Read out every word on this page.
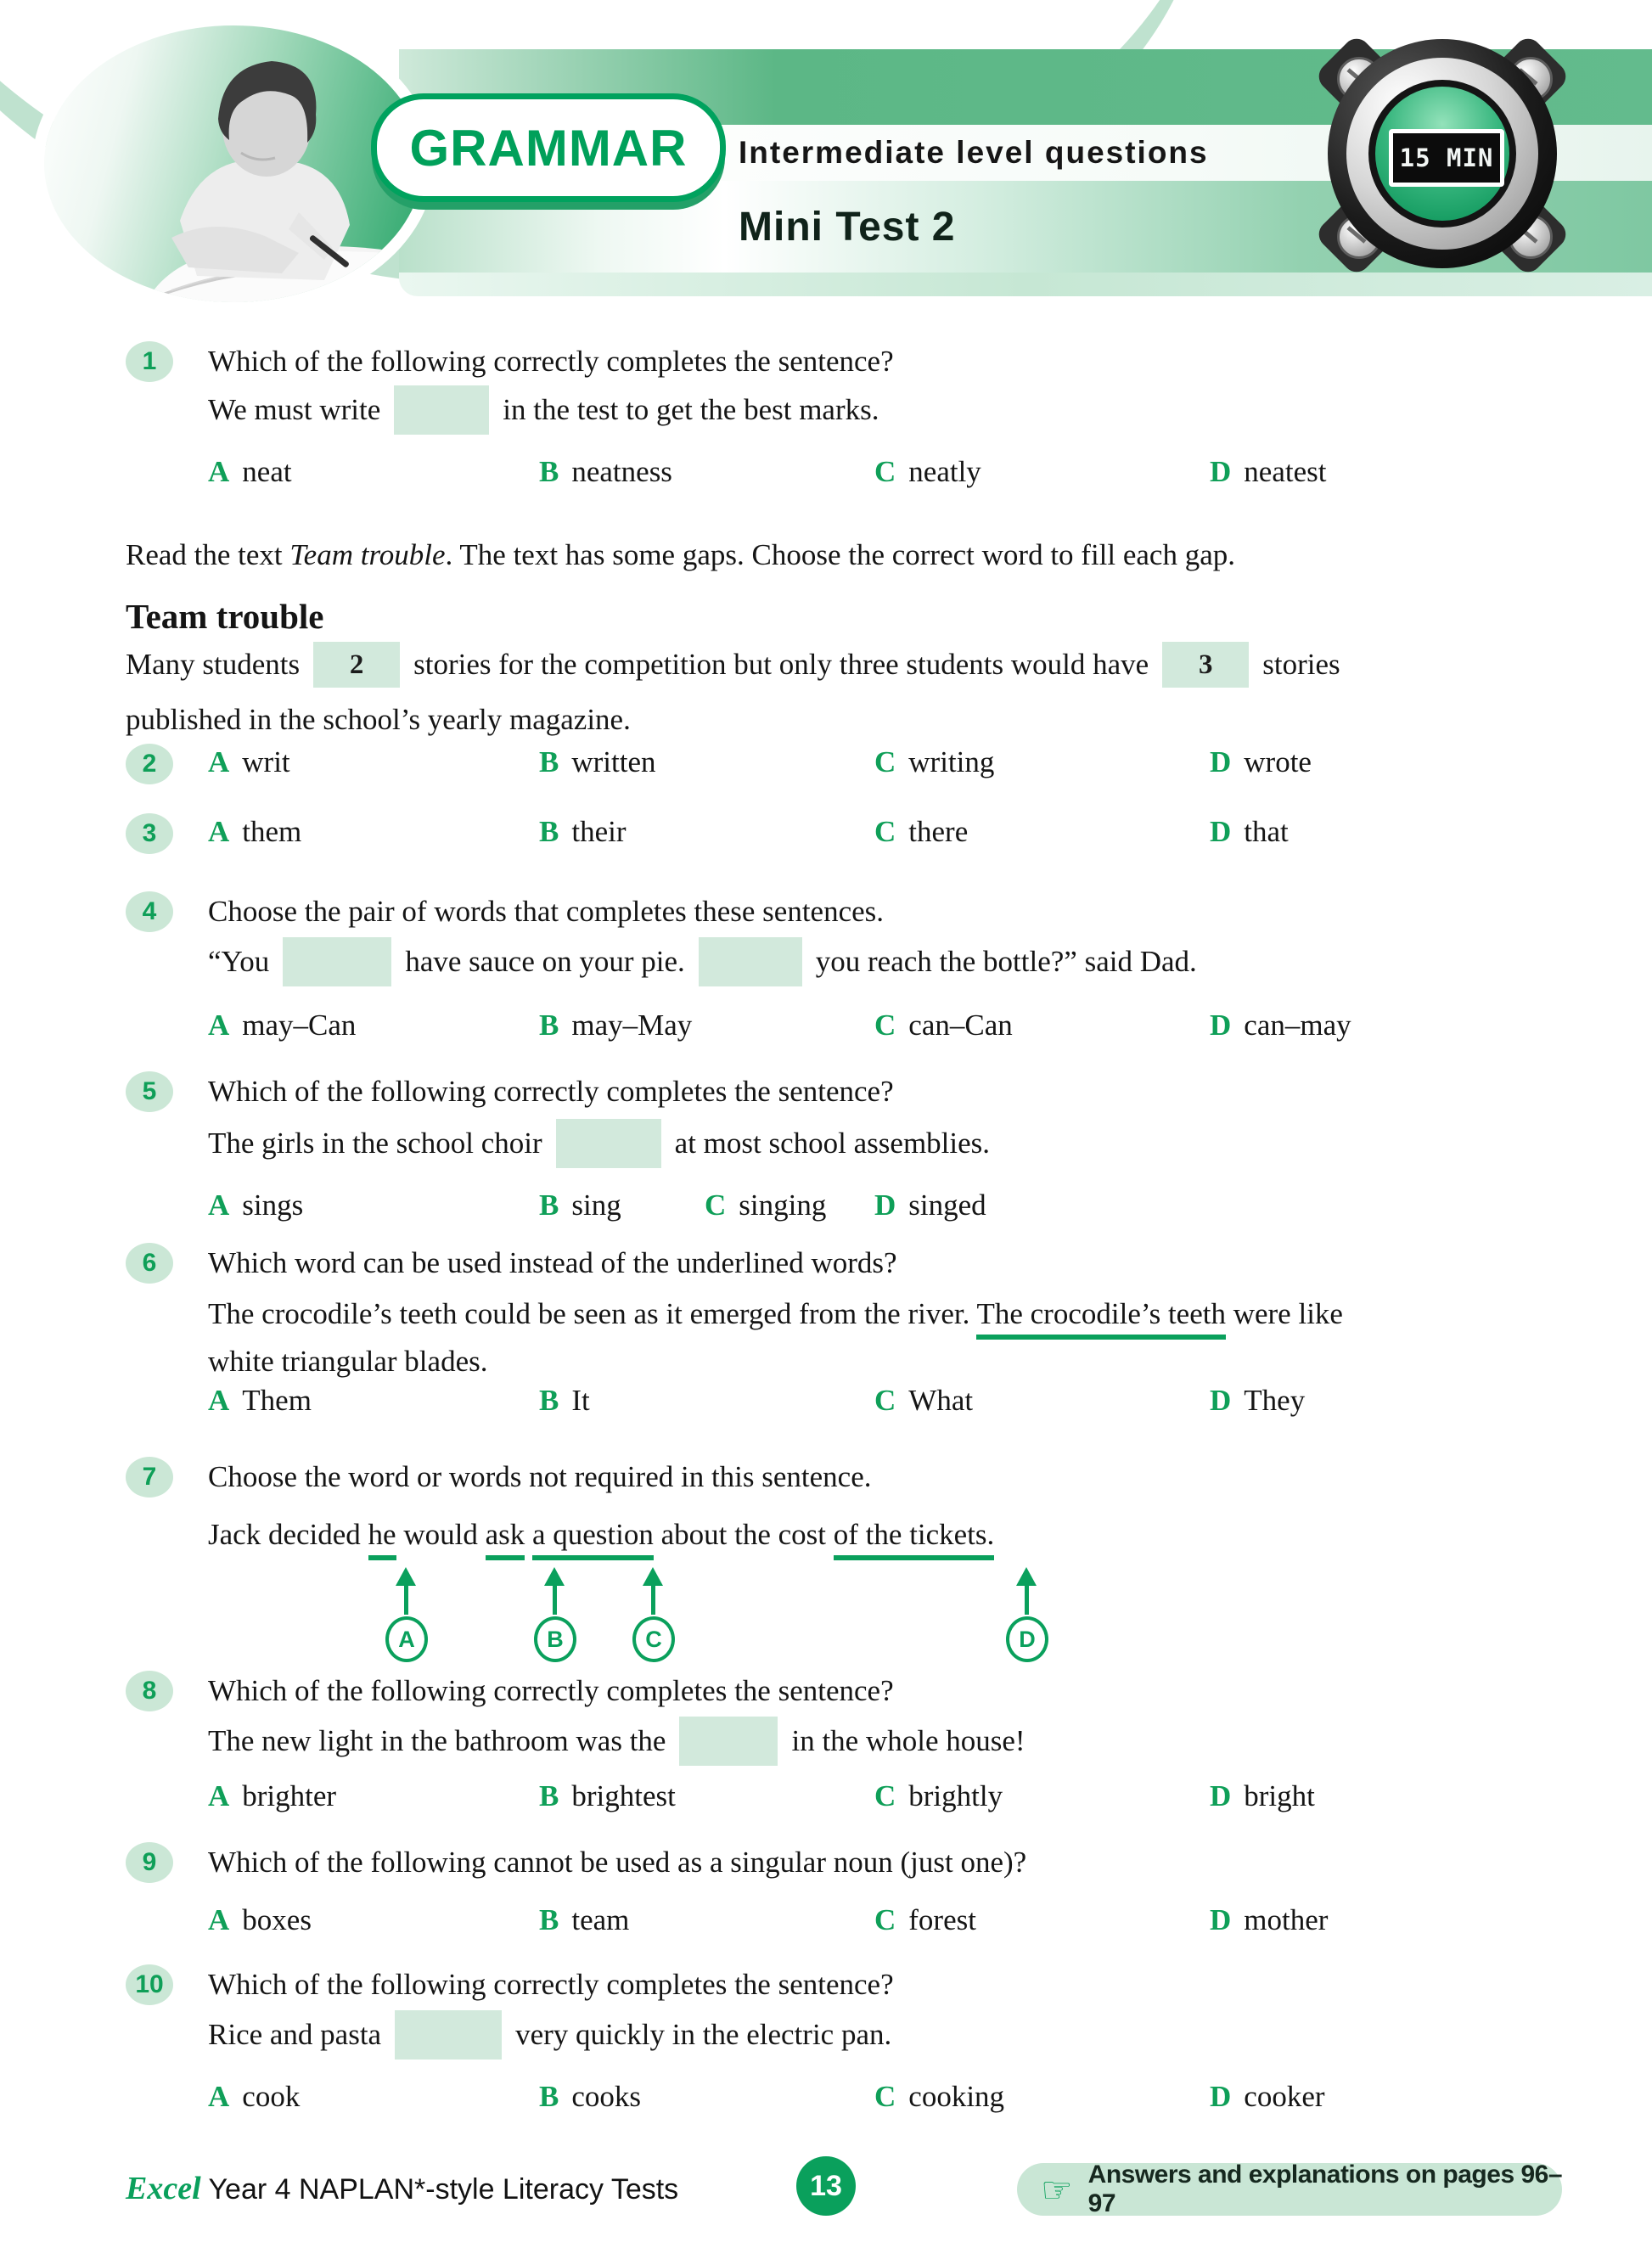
Intermediate level questions
Mini Test 2
GRAMMAR	15 MIN
1	Which of the following correctly completes the sentence?
We must write	in the test to get the best marks.
A neat	B neatness	C neatly	D neatest
Read the text Team trouble. The text has some gaps. Choose the correct word to fill each gap.
Team trouble
Many students	2	stories for the competition but only three students would have	3	stories
published in the school’s yearly magazine.
2	A writ	B written	C writing	D wrote
3	A them	B their	C there	D that
4	Choose the pair of words that completes these sentences.
“You	have sauce on your pie.	you reach the bottle?” said Dad.
A may–Can	B may–May	C can–Can	D can–may
5	Which of the following correctly completes the sentence?
The girls in the school choir	at most school assemblies.
A sings	B sing	C singing D singed
6	Which word can be used instead of the underlined words?
The crocodile’s teeth could be seen as it emerged from the river. The crocodile’s teeth were like
white triangular blades.
A Them	B It	C What	D They
7	Choose the word or words not required in this sentence.
Jack decided he would ask a question about the cost of the tickets.
A	B	C	D
8	Which of the following correctly completes the sentence?
The new light in the bathroom was the	in the whole house!
A brighter	B brightest	C brightly	D bright
9	Which of the following cannot be used as a singular noun (just one)?
A boxes	B team	C forest	D mother
10	Which of the following correctly completes the sentence?
Rice and pasta	very quickly in the electric pan.
A cook	B cooks	C cooking	D cooker
Excel Year 4 NAPLAN*-style Literacy Tests	13	☞ Answers and explanations on pages 96–97
